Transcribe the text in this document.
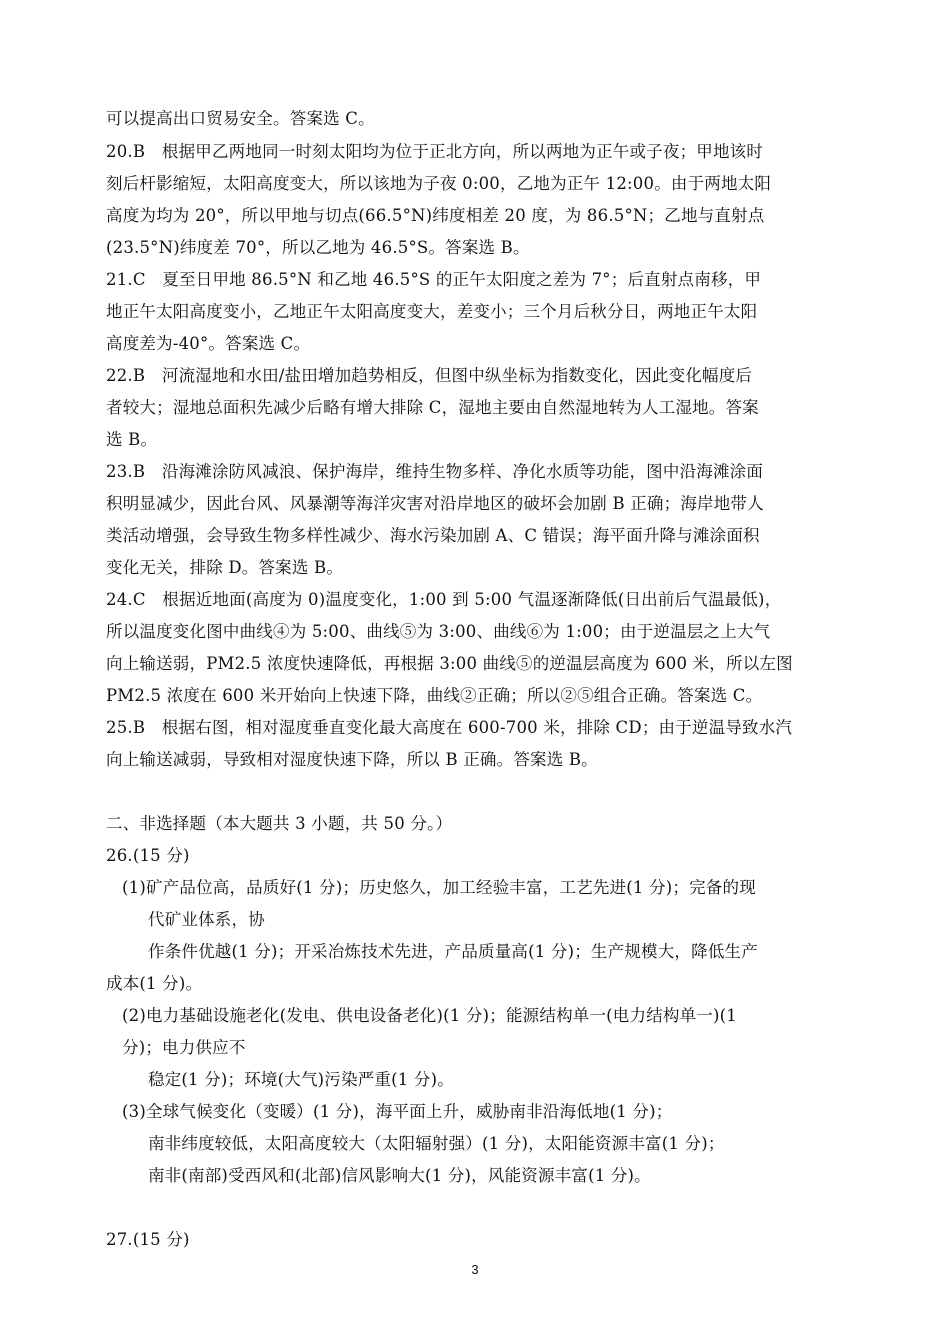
可以提高出口贸易安全。答案选 C。
20.B　根据甲乙两地同一时刻太阳均为位于正北方向，所以两地为正午或子夜；甲地该时
刻后杆影缩短，太阳高度变大，所以该地为子夜 0:00，乙地为正午 12:00。由于两地太阳
高度为均为 20°，所以甲地与切点(66.5°N)纬度相差 20 度，为 86.5°N；乙地与直射点
(23.5°N)纬度差 70°，所以乙地为 46.5°S。答案选 B。
21.C　夏至日甲地 86.5°N 和乙地 46.5°S 的正午太阳度之差为 7°；后直射点南移，甲
地正午太阳高度变小，乙地正午太阳高度变大，差变小；三个月后秋分日，两地正午太阳
高度差为-40°。答案选 C。
22.B　河流湿地和水田/盐田增加趋势相反，但图中纵坐标为指数变化，因此变化幅度后
者较大；湿地总面积先减少后略有增大排除 C，湿地主要由自然湿地转为人工湿地。答案
选 B。
23.B　沿海滩涂防风减浪、保护海岸，维持生物多样、净化水质等功能，图中沿海滩涂面
积明显减少，因此台风、风暴潮等海洋灾害对沿岸地区的破坏会加剧 B 正确；海岸地带人
类活动增强，会导致生物多样性减少、海水污染加剧 A、C 错误；海平面升降与滩涂面积
变化无关，排除 D。答案选 B。
24.C　根据近地面(高度为 0)温度变化，1:00 到 5:00 气温逐渐降低(日出前后气温最低)，
所以温度变化图中曲线④为 5:00、曲线⑤为 3:00、曲线⑥为 1:00；由于逆温层之上大气
向上输送弱，PM2.5 浓度快速降低，再根据 3:00 曲线⑤的逆温层高度为 600 米，所以左图
PM2.5 浓度在 600 米开始向上快速下降，曲线②正确；所以②⑤组合正确。答案选 C。
25.B　根据右图，相对湿度垂直变化最大高度在 600-700 米，排除 CD；由于逆温导致水汽
向上输送减弱，导致相对湿度快速下降，所以 B 正确。答案选 B。
二、非选择题（本大题共 3 小题，共 50 分。）
26.(15 分)
(1)矿产品位高，品质好(1 分)；历史悠久，加工经验丰富，工艺先进(1 分)；完备的现
代矿业体系，协
作条件优越(1 分)；开采冶炼技术先进，产品质量高(1 分)；生产规模大，降低生产
成本(1 分)。
(2)电力基础设施老化(发电、供电设备老化)(1 分)；能源结构单一(电力结构单一)(1
分)；电力供应不
稳定(1 分)；环境(大气)污染严重(1 分)。
(3)全球气候变化（变暖）(1 分)，海平面上升，威胁南非沿海低地(1 分)；
南非纬度较低，太阳高度较大（太阳辐射强）(1 分)，太阳能资源丰富(1 分)；
南非(南部)受西风和(北部)信风影响大(1 分)，风能资源丰富(1 分)。
27.(15 分)
3
